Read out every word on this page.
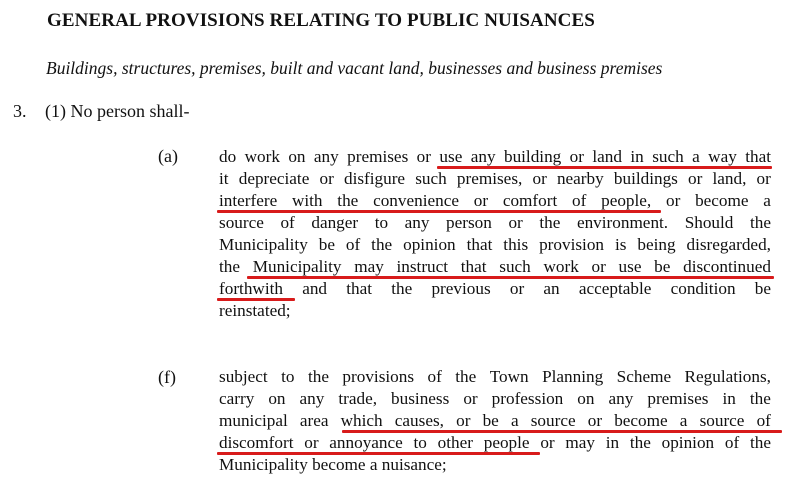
GENERAL PROVISIONS RELATING TO PUBLIC NUISANCES
Buildings, structures, premises, built and vacant land, businesses and business premises
3. (1) No person shall-
(a) do work on any premises or use any building or land in such a way that
it depreciate or disfigure such premises, or nearby buildings or land, or
interfere with the convenience or comfort of people, or become a
source of danger to any person or the environment. Should the
Municipality be of the opinion that this provision is being disregarded,
the Municipality may instruct that such work or use be discontinued
forthwith and that the previous or an acceptable condition be
reinstated;
(f)	subject to the provisions of the Town Planning Scheme Regulations,
carry on any trade, business or profession on any premises in the
municipal area which causes, or be a source or become a source of
discomfort or annoyance to other people or may in the opinion of the
Municipality become a nuisance;
